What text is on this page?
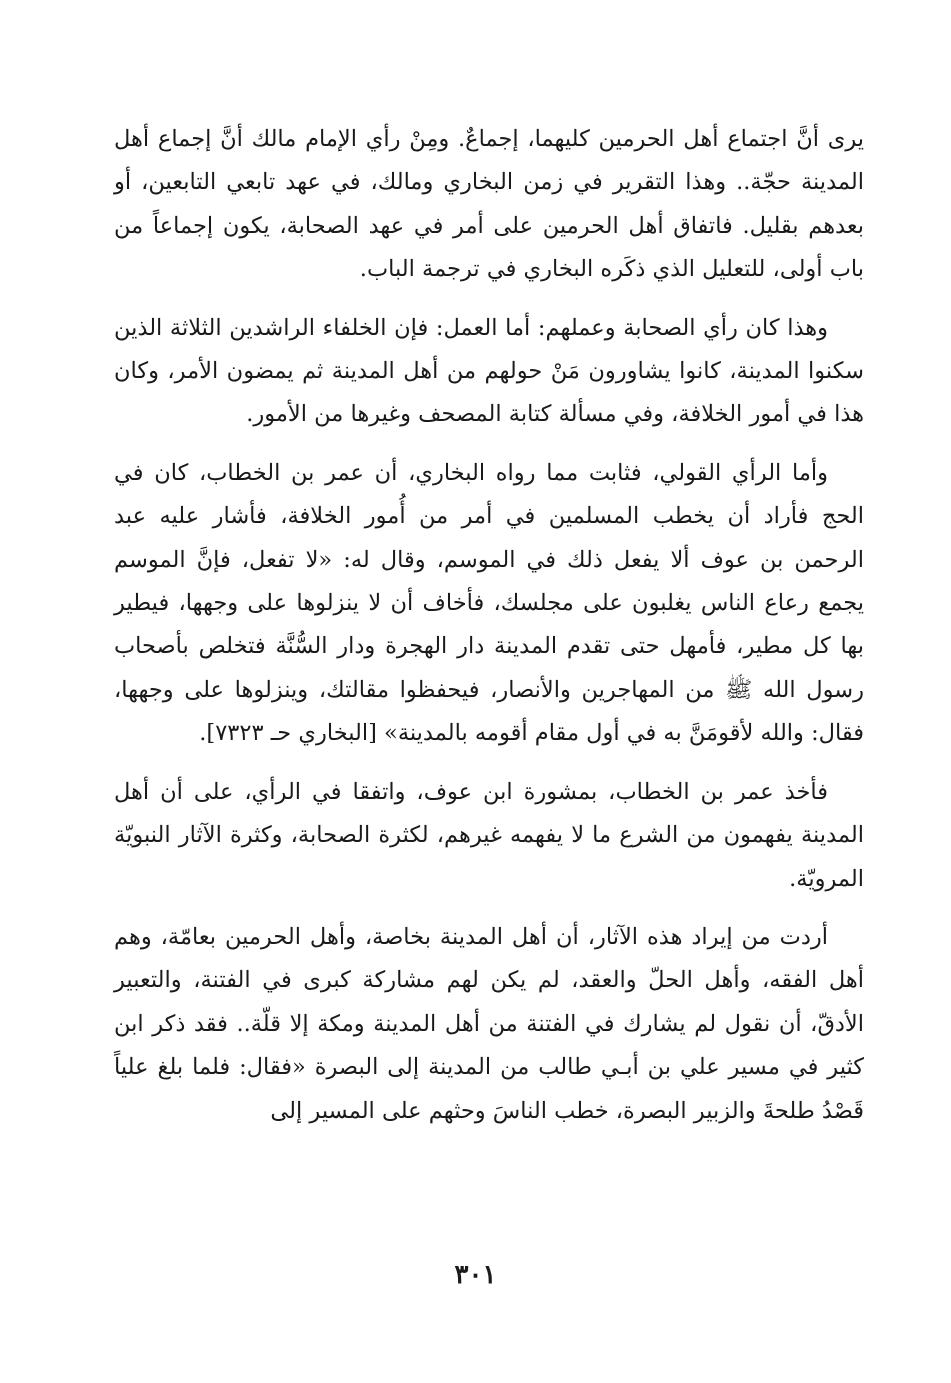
يرى أنَّ اجتماع أهل الحرمين كليهما، إجماعٌ. ومِنْ رأي الإمام مالك أنَّ إجماع أهل المدينة حجّة.. وهذا التقرير في زمن البخاري ومالك، في عهد تابعي التابعين، أو بعدهم بقليل. فاتفاق أهل الحرمين على أمر في عهد الصحابة، يكون إجماعاً من باب أولى، للتعليل الذي ذكَره البخاري في ترجمة الباب.

وهذا كان رأي الصحابة وعملهم: أما العمل: فإن الخلفاء الراشدين الثلاثة الذين سكنوا المدينة، كانوا يشاورون مَنْ حولهم من أهل المدينة ثم يمضون الأمر، وكان هذا في أمور الخلافة، وفي مسألة كتابة المصحف وغيرها من الأمور.

وأما الرأي القولي، فثابت مما رواه البخاري، أن عمر بن الخطاب، كان في الحج فأراد أن يخطب المسلمين في أمر من أُمور الخلافة، فأشار عليه عبد الرحمن بن عوف ألا يفعل ذلك في الموسم، وقال له: «لا تفعل، فإنَّ الموسم يجمع رعاع الناس يغلبون على مجلسك، فأخاف أن لا ينزلوها على وجهها، فيطير بها كل مطير، فأمهل حتى تقدم المدينة دار الهجرة ودار السُّنَّة فتخلص بأصحاب رسول الله ﷺ من المهاجرين والأنصار، فيحفظوا مقالتك، وينزلوها على وجهها، فقال: والله لأقومَنَّ به في أول مقام أقومه بالمدينة» [البخاري حـ ٧٣٢٣].

فأخذ عمر بن الخطاب، بمشورة ابن عوف، واتفقا في الرأي، على أن أهل المدينة يفهمون من الشرع ما لا يفهمه غيرهم، لكثرة الصحابة، وكثرة الآثار النبويّة المرويّة.

أردت من إيراد هذه الآثار، أن أهل المدينة بخاصة، وأهل الحرمين بعامّة، وهم أهل الفقه، وأهل الحلّ والعقد، لم يكن لهم مشاركة كبرى في الفتنة، والتعبير الأدقّ، أن نقول لم يشارك في الفتنة من أهل المدينة ومكة إلا قلّة.. فقد ذكر ابن كثير في مسير علي بن أبـي طالب من المدينة إلى البصرة «فقال: فلما بلغ علياً قَصْدُ طلحةَ والزبير البصرة، خطب الناسَ وحثهم على المسير إلى

٣٠١
